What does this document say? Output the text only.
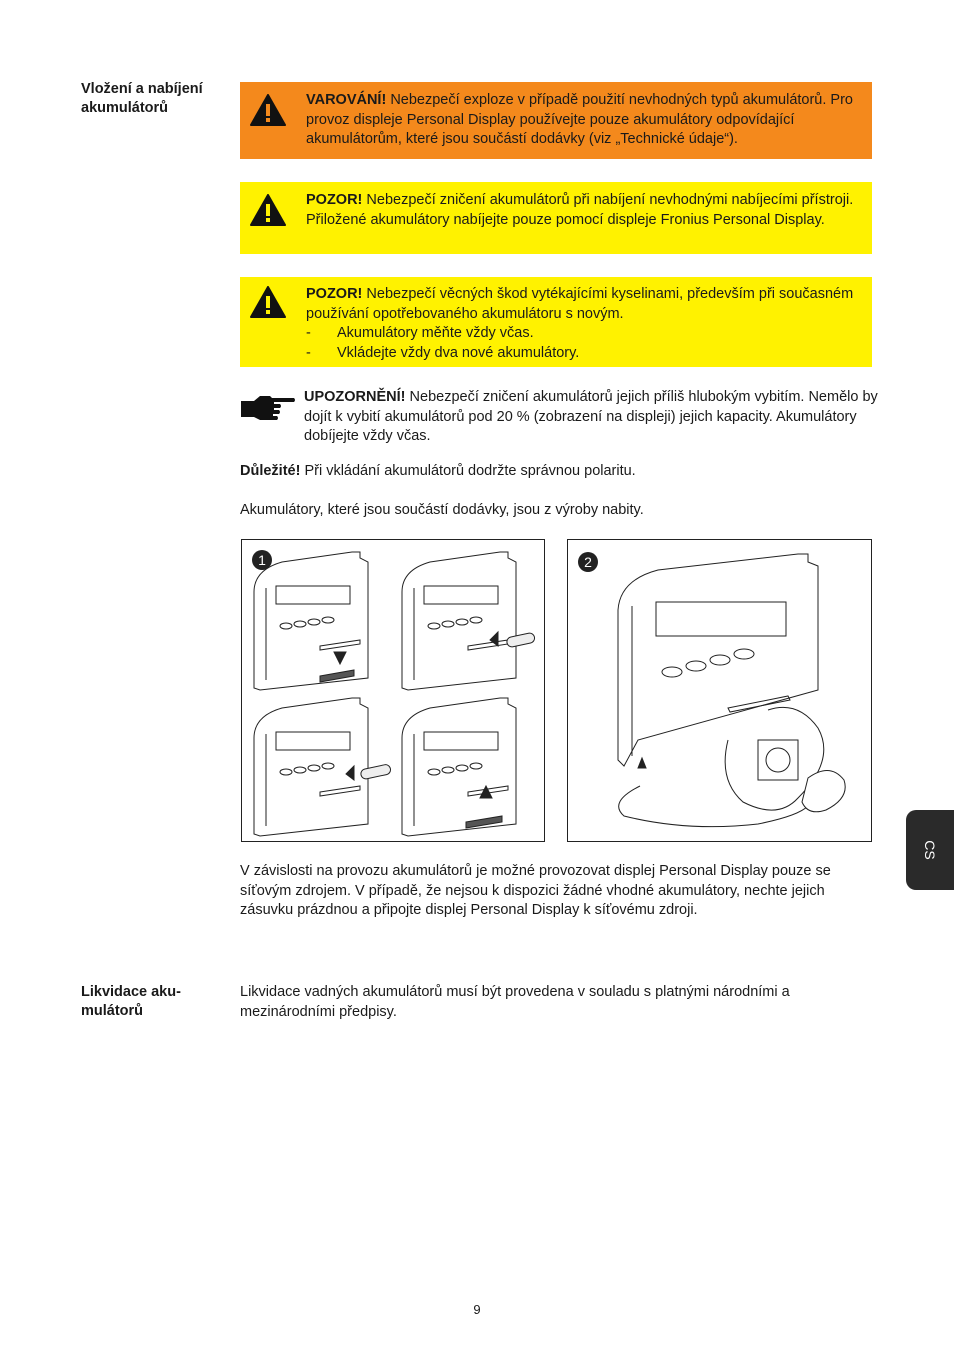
Vložení a nabíjení akumulátorů	VAROVÁNÍ! Nebezpečí exploze v případě použití nevhodných typů akumulátorů. Pro provoz displeje Personal Display používejte pouze akumulátory odpovídající akumulátorům, které jsou součástí dodávky (viz „Technické údaje“).
POZOR! Nebezpečí zničení akumulátorů při nabíjení nevhodnými nabíjecími přístroji. Přiložené akumulátory nabíjejte pouze pomocí displeje Fronius Personal Display.
POZOR! Nebezpečí věcných škod vytékajícími kyselinami, především při současném používání opotřebovaného akumulátoru s novým.
-	Akumulátory měňte vždy včas.
-	Vkládejte vždy dva nové akumulátory.
UPOZORNĚNÍ! Nebezpečí zničení akumulátorů jejich příliš hlubokým vybitím. Nemělo by dojít k vybití akumulátorů pod 20 % (zobrazení na displeji) jejich kapacity. Akumulátory dobíjejte vždy včas.
Důležité! Při vkládání akumulátorů dodržte správnou polaritu.
Akumulátory, které jsou součástí dodávky, jsou z výroby nabity.
1	2
V závislosti na provozu akumulátorů je možné provozovat displej Personal Display pouze se síťovým zdrojem. V případě, že nejsou k dispozici žádné vhodné akumulátory, nechte jejich zásuvku prázdnou a připojte displej Personal Display k síťovému zdroji.
Likvidace aku-mulátorů
Likvidace vadných akumulátorů musí být provedena v souladu s platnými národními a mezinárodními předpisy.
CS
9
